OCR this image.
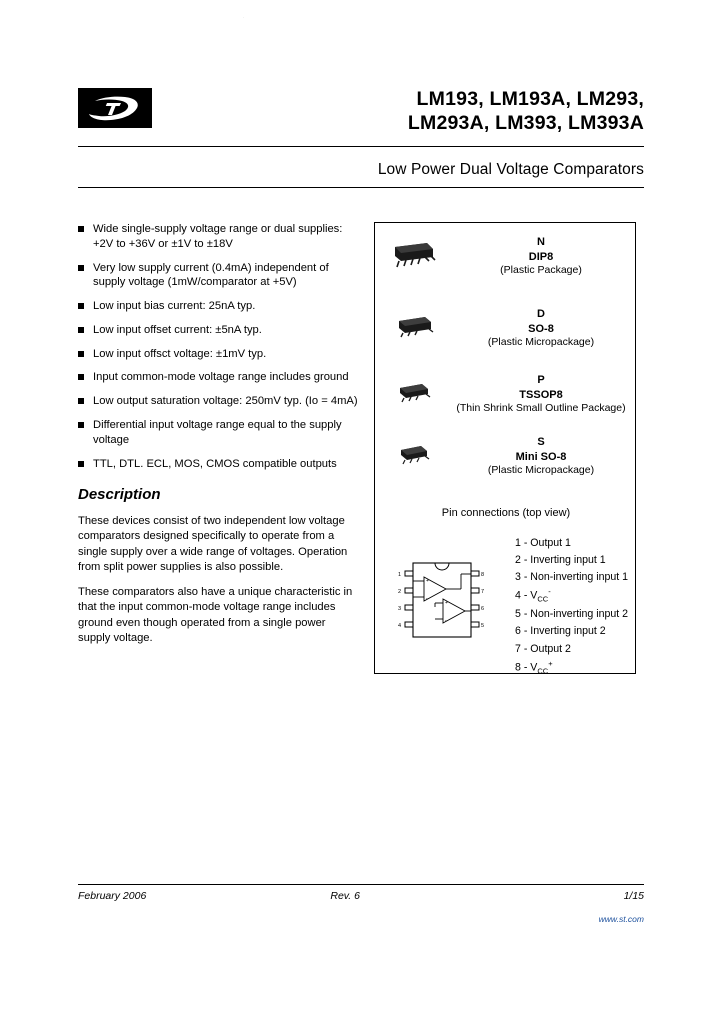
.
LM193, LM193A, LM293,
LM293A, LM393, LM393A
Low Power Dual Voltage Comparators
Wide single-supply voltage range or dual supplies: +2V to +36V or ±1V to ±18V
Very low supply current (0.4mA) independent of supply voltage (1mW/comparator at +5V)
Low input bias current: 25nA typ.
Low input offset current: ±5nA typ.
Low input offsct voltage: ±1mV typ.
Input common-mode voltage range includes ground
Low output saturation voltage: 250mV typ. (Io = 4mA)
Differential input voltage range equal to the supply voltage
TTL, DTL. ECL, MOS, CMOS compatible outputs
Description
These devices consist of two independent low voltage comparators designed specifically to operate from a single supply over a wide range of voltages. Operation from split power supplies is also possible.
These comparators also have a unique characteristic in that the input common-mode voltage range includes ground even though operated from a single power supply voltage.
N
DIP8
(Plastic Package)
D
SO-8
(Plastic Micropackage)
P
TSSOP8
(Thin Shrink Small Outline Package)
S
Mini SO-8
(Plastic Micropackage)
Pin connections (top view)
1 - Output 1
2 - Inverting input 1
3 - Non-inverting input 1
$4 - V_{CC}^-$
5 - Non-inverting input 2
6 - Inverting input 2
7 - Output 2
$8 - V_{CC}^+$
1
2
3
4
8
7
6
5
+
–
+
–
February 2006	Rev. 6	1/15
www.st.com
